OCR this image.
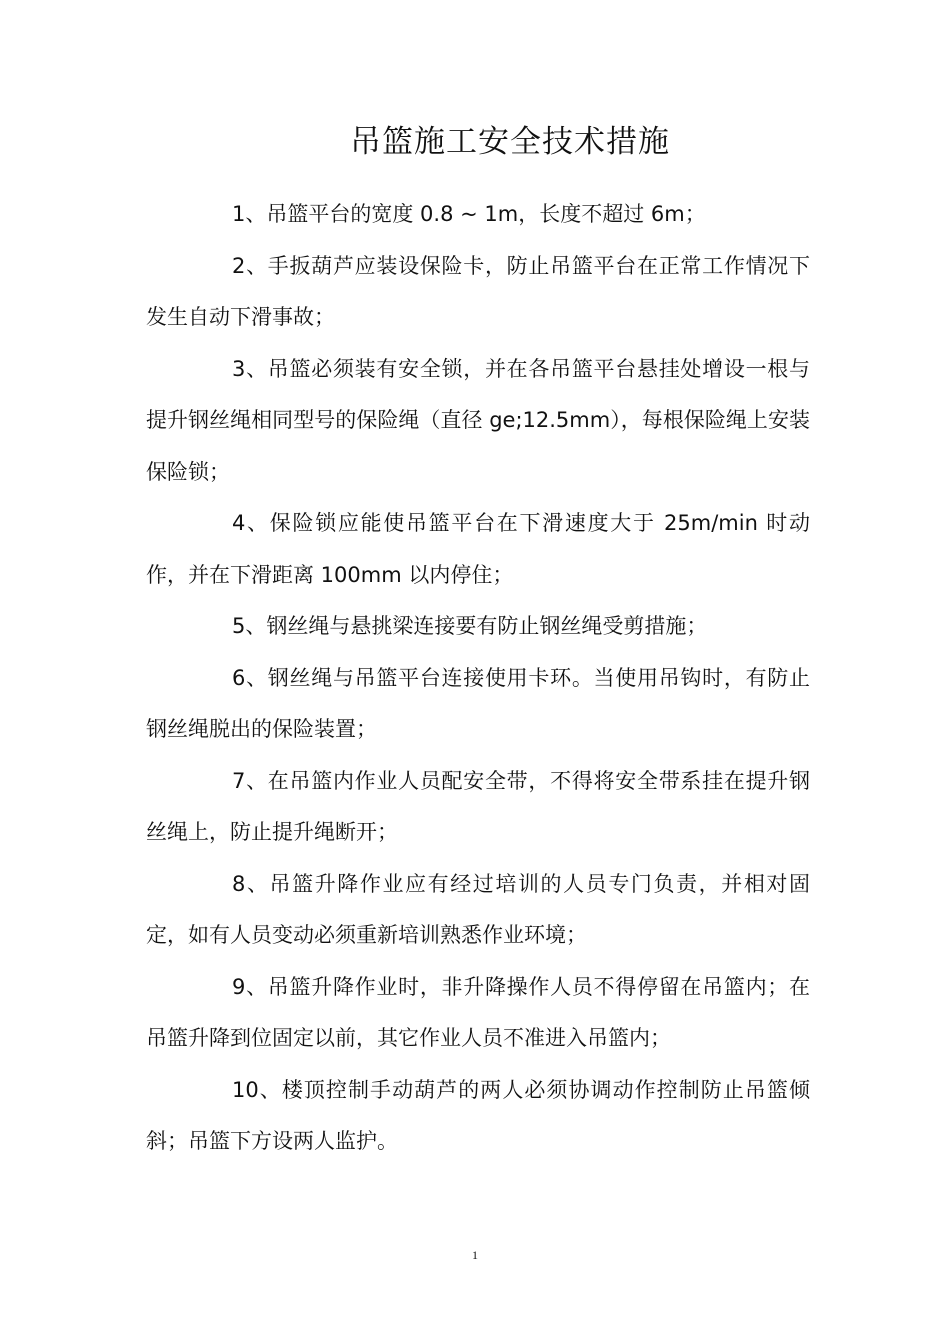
吊篮施工安全技术措施

1、吊篮平台的宽度 0.8 ~ 1m，长度不超过 6m；

2、手扳葫芦应装设保险卡，防止吊篮平台在正常工作情况下发生自动下滑事故；

3、吊篮必须装有安全锁，并在各吊篮平台悬挂处增设一根与提升钢丝绳相同型号的保险绳（直径 ge;12.5mm），每根保险绳上安装保险锁；

4、保险锁应能使吊篮平台在下滑速度大于 25m/min 时动作，并在下滑距离 100mm 以内停住；

5、钢丝绳与悬挑梁连接要有防止钢丝绳受剪措施；

6、钢丝绳与吊篮平台连接使用卡环。当使用吊钩时，有防止钢丝绳脱出的保险装置；

7、在吊篮内作业人员配安全带，不得将安全带系挂在提升钢丝绳上，防止提升绳断开；

8、吊篮升降作业应有经过培训的人员专门负责，并相对固定，如有人员变动必须重新培训熟悉作业环境；

9、吊篮升降作业时，非升降操作人员不得停留在吊篮内；在吊篮升降到位固定以前，其它作业人员不准进入吊篮内；

10、楼顶控制手动葫芦的两人必须协调动作控制防止吊篮倾斜；吊篮下方设两人监护。

1
